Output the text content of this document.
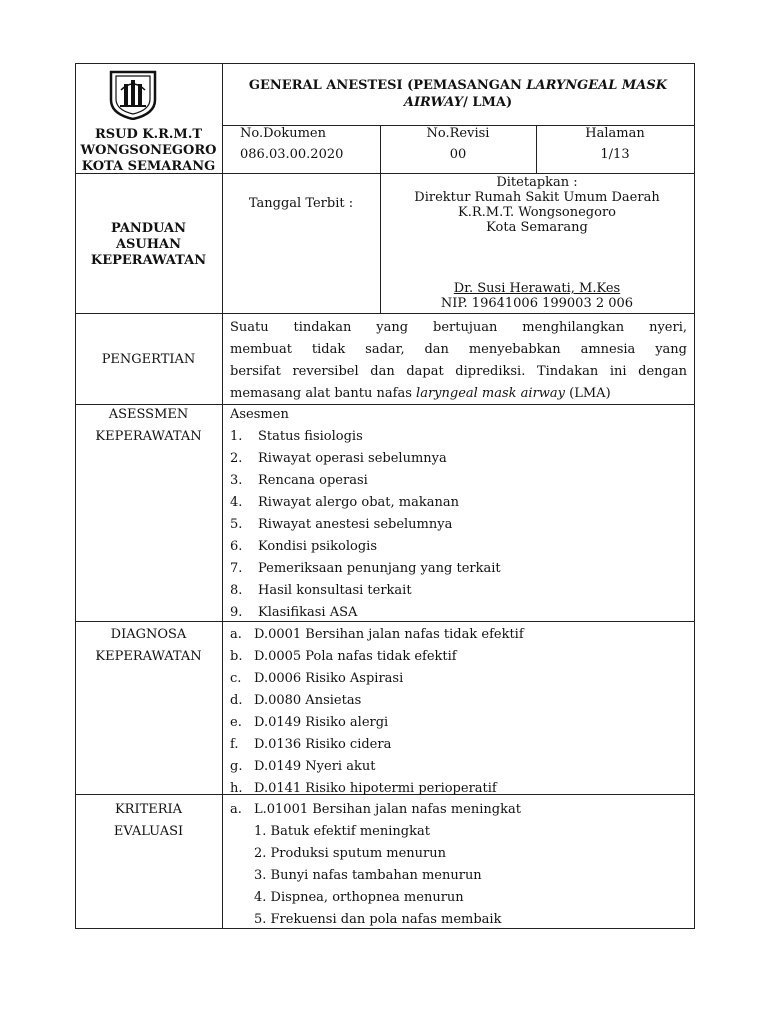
GENERAL ANESTESI (PEMASANGAN LARYNGEAL MASK
AIRWAY/ LMA)
RSUD K.R.M.T
WONGSONEGORO
KOTA SEMARANG
No.Dokumen
086.03.00.2020
No.Revisi
00
Halaman
1/13
PANDUAN
ASUHAN
KEPERAWATAN
Tanggal Terbit :
Ditetapkan :
Direktur Rumah Sakit Umum Daerah
K.R.M.T. Wongsonegoro
Kota Semarang
Dr. Susi Herawati, M.Kes
NIP. 19641006 199003 2 006
PENGERTIAN
Suatu tindakan yang bertujuan menghilangkan nyeri,
membuat tidak sadar, dan menyebabkan amnesia yang
bersifat reversibel dan dapat diprediksi. Tindakan ini dengan
memasang alat bantu nafas laryngeal mask airway (LMA)
ASESSMEN
KEPERAWATAN
Asesmen
1. Status fisiologis
2. Riwayat operasi sebelumnya
3. Rencana operasi
4. Riwayat alergo obat, makanan
5. Riwayat anestesi sebelumnya
6. Kondisi psikologis
7. Pemeriksaan penunjang yang terkait
8. Hasil konsultasi terkait
9. Klasifikasi ASA
DIAGNOSA
KEPERAWATAN
a. D.0001 Bersihan jalan nafas tidak efektif
b. D.0005 Pola nafas tidak efektif
c. D.0006 Risiko Aspirasi
d. D.0080 Ansietas
e. D.0149 Risiko alergi
f. D.0136 Risiko cidera
g. D.0149 Nyeri akut
h. D.0141 Risiko hipotermi perioperatif
KRITERIA
EVALUASI
a. L.01001 Bersihan jalan nafas meningkat
1. Batuk efektif meningkat
2. Produksi sputum menurun
3. Bunyi nafas tambahan menurun
4. Dispnea, orthopnea menurun
5. Frekuensi dan pola nafas membaik
